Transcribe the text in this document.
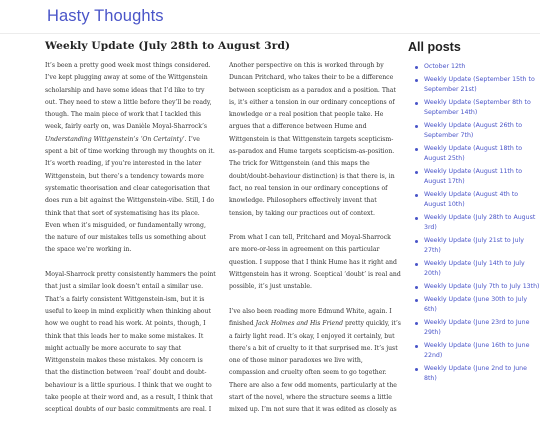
Hasty Thoughts
Weekly Update (July 28th to August 3rd)

It’s been a pretty good week most things considered. I’ve kept plugging away at some of the Wittgenstein scholarship and have some ideas that I’d like to try out. They need to stew a little before they’ll be ready, though. The main piece of work that I tackled this week, fairly early on, was Danièle Moyal-Sharrock’s Understanding Wittgenstein’s ‘On Certainty’. I’ve spent a bit of time working through my thoughts on it. It’s worth reading, if you’re interested in the later Wittgenstein, but there’s a tendency towards more systematic theorisation and clear categorisation that does run a bit against the Wittgenstein-vibe. Still, I do think that that sort of systematising has its place. Even when it’s misguided, or fundamentally wrong, the nature of our mistakes tells us something about the space we’re working in.

Moyal-Sharrock pretty consistently hammers the point that just a similar look doesn’t entail a similar use. That’s a fairly consistent Wittgenstein-ism, but it is useful to keep in mind explicitly when thinking about how we ought to read his work. At points, though, I think that this leads her to make some mistakes. It might actually be more accurate to say that Wittgenstein makes these mistakes. My concern is that the distinction between ‘real’ doubt and doubt-behaviour is a little spurious. I think that we ought to take people at their word and, as a result, I think that sceptical doubts of our basic commitments are real. I

Another perspective on this is worked through by Duncan Pritchard, who takes their to be a difference between scepticism as a paradox and a position. That is, it’s either a tension in our ordinary conceptions of knowledge or a real position that people take. He argues that a difference between Hume and Wittgenstein is that Wittgenstein targets scepticism-as-paradox and Hume targets scepticism-as-position. The trick for Wittgenstein (and this maps the doubt/doubt-behaviour distinction) is that there is, in fact, no real tension in our ordinary conceptions of knowledge. Philosophers effectively invent that tension, by taking our practices out of context.

From what I can tell, Pritchard and Moyal-Sharrock are more-or-less in agreement on this particular question. I suppose that I think Hume has it right and Wittgenstein has it wrong. Sceptical ‘doubt’ is real and possible, it’s just unstable.

I’ve also been reading more Edmund White, again. I finished Jack Holmes and His Friend pretty quickly, it’s a fairly light read. It’s okay, I enjoyed it certainly, but there’s a bit of cruelty to it that surprised me. It’s just one of those minor paradoxes we live with, compassion and cruelty often seem to go together. There are also a few odd moments, particularly at the start of the novel, where the structure seems a little mixed up. I’m not sure that it was edited as closely as

All posts
October 12th
Weekly Update (September 15th to September 21st)
Weekly Update (September 8th to September 14th)
Weekly Update (August 26th to September 7th)
Weekly Update (August 18th to August 25th)
Weekly Update (August 11th to August 17th)
Weekly Update (August 4th to August 10th)
Weekly Update (July 28th to August 3rd)
Weekly Update (July 21st to July 27th)
Weekly Update (July 14th to July 20th)
Weekly Update (July 7th to July 13th)
Weekly Update (June 30th to July 6th)
Weekly Update (June 23rd to June 29th)
Weekly Update (June 16th to June 22nd)
Weekly Update (June 2nd to June 8th)
